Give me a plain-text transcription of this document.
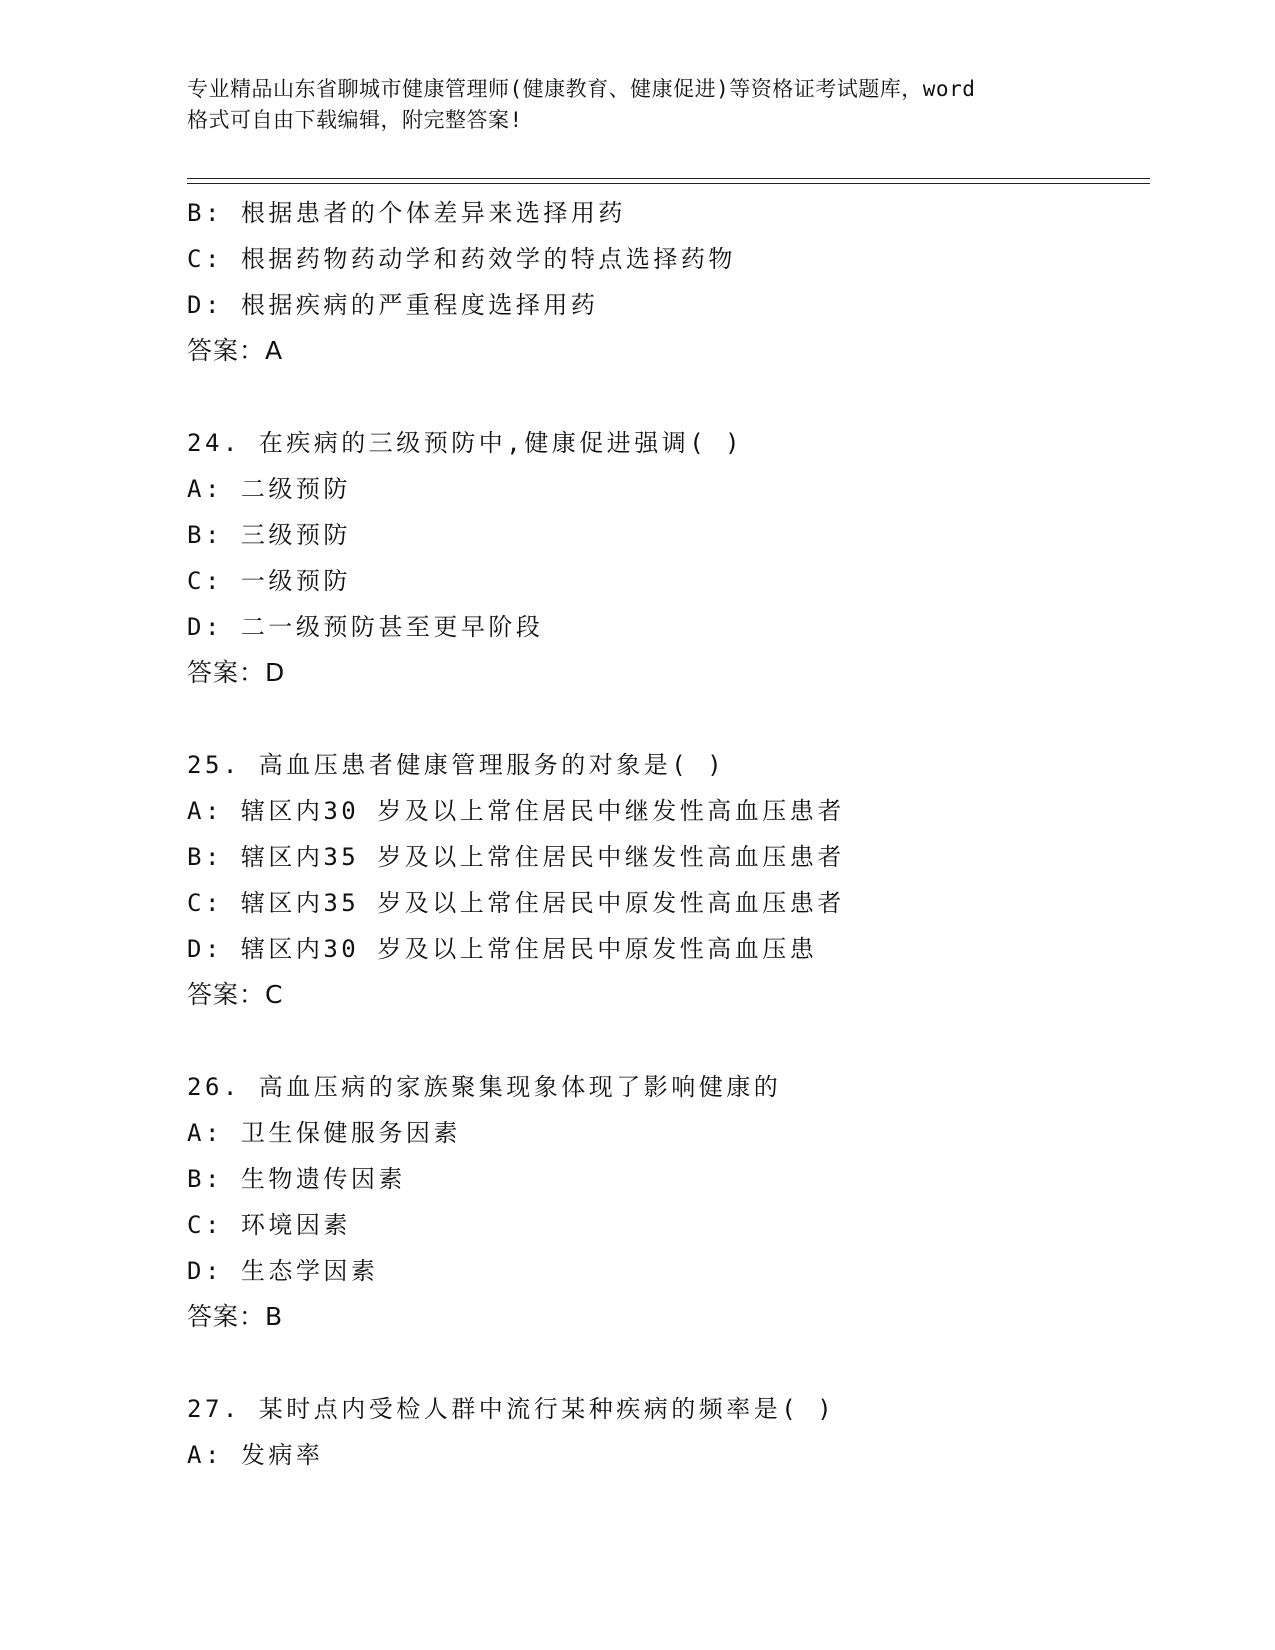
专业精品山东省聊城市健康管理师(健康教育、健康促进)等资格证考试题库，word
格式可自由下载编辑，附完整答案!
B: 根据患者的个体差异来选择用药
C: 根据药物药动学和药效学的特点选择药物
D: 根据疾病的严重程度选择用药
答案：A
24. 在疾病的三级预防中,健康促进强调( )
A: 二级预防
B: 三级预防
C: 一级预防
D: 二一级预防甚至更早阶段
答案：D
25. 高血压患者健康管理服务的对象是( )
A: 辖区内30 岁及以上常住居民中继发性高血压患者
B: 辖区内35 岁及以上常住居民中继发性高血压患者
C: 辖区内35 岁及以上常住居民中原发性高血压患者
D: 辖区内30 岁及以上常住居民中原发性高血压患
答案：C
26. 高血压病的家族聚集现象体现了影响健康的
A: 卫生保健服务因素
B: 生物遗传因素
C: 环境因素
D: 生态学因素
答案：B
27. 某时点内受检人群中流行某种疾病的频率是( )
A: 发病率
